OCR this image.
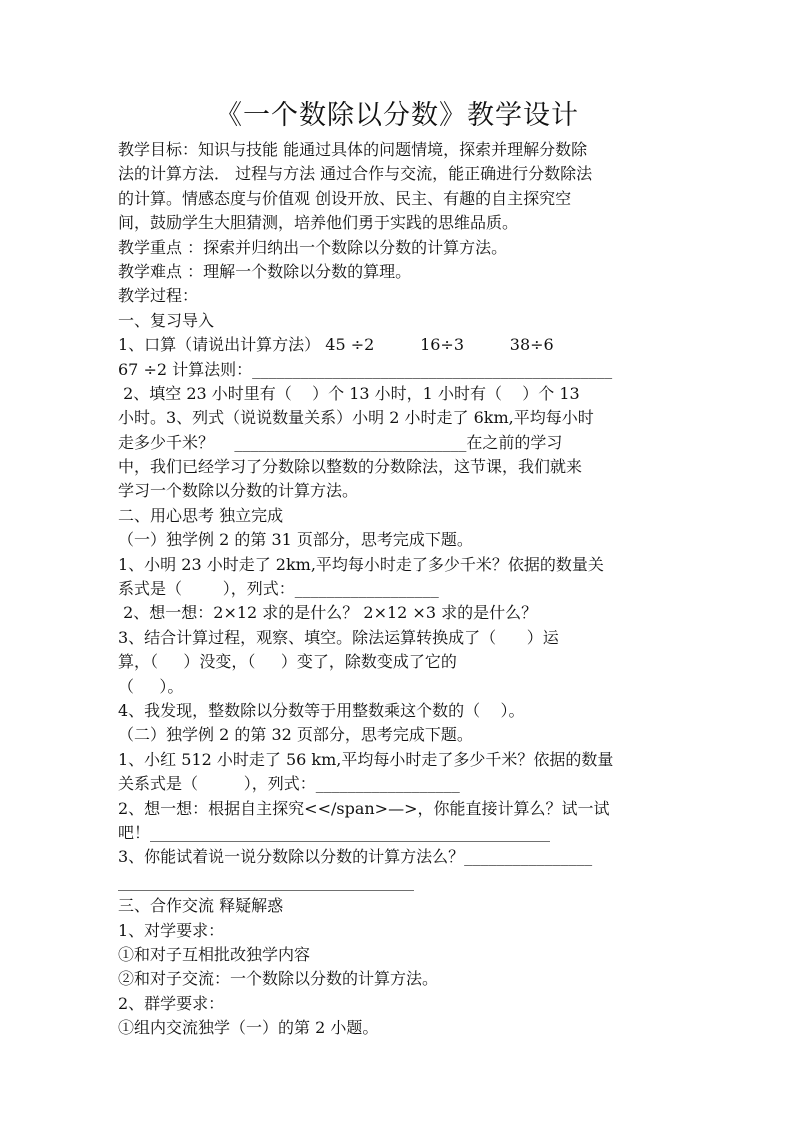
《一个数除以分数》教学设计
教学目标：知识与技能 能通过具体的问题情境，探索并理解分数除
法的计算方法． 过程与方法 通过合作与交流，能正确进行分数除法
的计算。情感态度与价值观 创设开放、民主、有趣的自主探究空
间，鼓励学生大胆猜测，培养他们勇于实践的思维品质。
教学重点 ：探索并归纳出一个数除以分数的计算方法。
教学难点 ：理解一个数除以分数的算理。
教学过程：
一、复习导入
1、口算（请说出计算方法） 45 ÷2         16÷3         38÷6
67 ÷2 计算法则：_____________________________________________
2、填空 23 小时里有（    ）个 13 小时，1 小时有（    ）个 13
小时。3、列式（说说数量关系）小明 2 小时走了 6km,平均每小时
走多少千米？    _____________________________在之前的学习
中，我们已经学习了分数除以整数的分数除法，这节课，我们就来
学习一个数除以分数的计算方法。
二、用心思考 独立完成
（一）独学例 2 的第 31 页部分，思考完成下题。
1、小明 23 小时走了 2km,平均每小时走了多少千米？依据的数量关
系式是（        ），列式：__________________
2、想一想：2×12 求的是什么？ 2×12 ×3 求的是什么？
3、结合计算过程，观察、填空。除法运算转换成了（      ）运
算，（     ）没变，（     ）变了，除数变成了它的
（     ）。
4、我发现，整数除以分数等于用整数乘这个数的（    ）。
（二）独学例 2 的第 32 页部分，思考完成下题。
1、小红 512 小时走了 56 km,平均每小时走了多少千米？依据的数量
关系式是（         ），列式：__________________
2、想一想：根据自主探究<</span>—>，你能直接计算么？试一试
吧！__________________________________________________
3、你能试着说一说分数除以分数的计算方法么？________________
_____________________________________
三、合作交流 释疑解惑
1、对学要求：
①和对子互相批改独学内容
②和对子交流：一个数除以分数的计算方法。
2、群学要求：
①组内交流独学（一）的第 2 小题。
